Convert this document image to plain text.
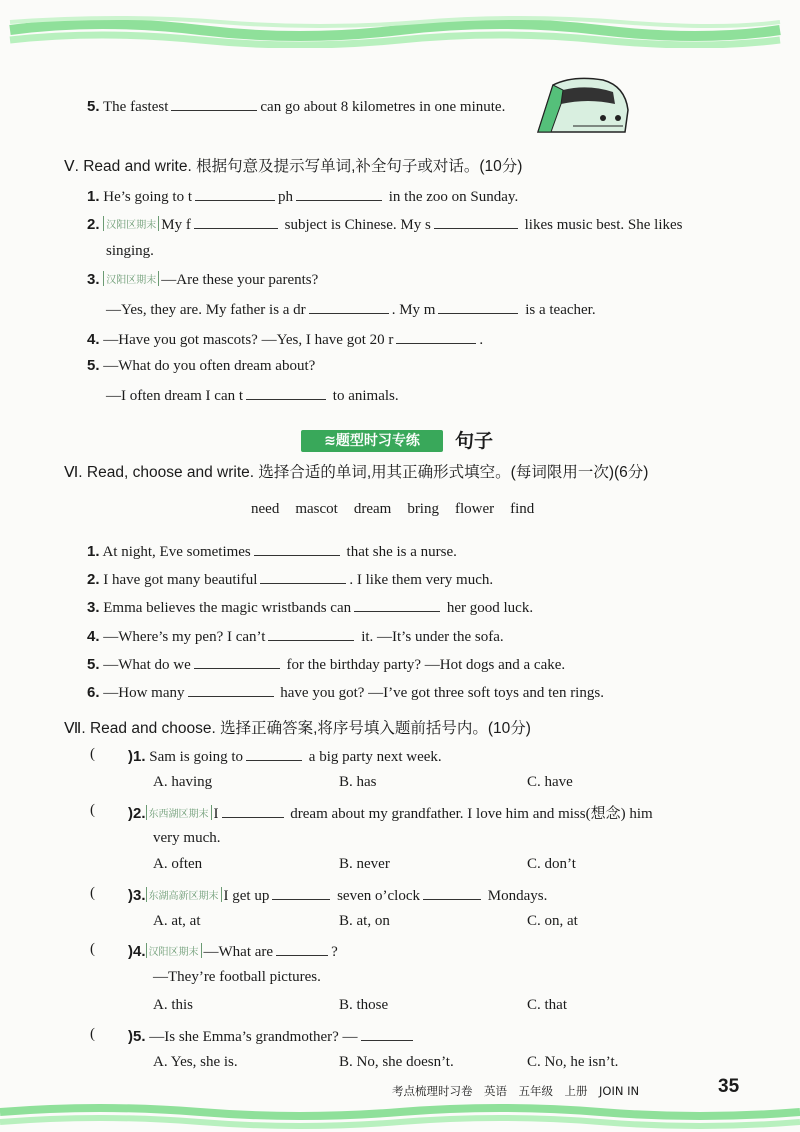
5. The fastest	can go about 8 kilometres in one minute.
Ⅴ. Read and write. 根据句意及提示写单词,补全句子或对话。(10分)
1. He’s going to t	ph	in the zoo on Sunday.
2. 汉阳区期末 My f	subject is Chinese. My s	likes music best. She likes
singing.
3. 汉阳区期末 —Are these your parents?
—Yes, they are. My father is a dr	. My m	is a teacher.
4. —Have you got mascots? —Yes, I have got 20 r	.
5. —What do you often dream about?
—I often dream I can t	to animals.
≋题型时习专练	句子
Ⅵ. Read, choose and write. 选择合适的单词,用其正确形式填空。(每词限用一次)(6分)
need mascot dream bring flower find
1. At night, Eve sometimes	that she is a nurse.
2. I have got many beautiful	. I like them very much.
3. Emma believes the magic wristbands can	her good luck.
4. —Where’s my pen? I can’t	it. —It’s under the sofa.
5. —What do we	for the birthday party? —Hot dogs and a cake.
6. —How many	have you got? —I’ve got three soft toys and ten rings.
Ⅶ. Read and choose. 选择正确答案,将序号填入题前括号内。(10分)
( )1. Sam is going to	a big party next week.
A. having	B. has	C. have
( )2. 东西湖区期末 I	dream about my grandfather. I love him and miss(想念) him
very much.
A. often	B. never	C. don’t
( )3. 东湖高新区期末 I get up	seven o’clock	Mondays.
A. at, at	B. at, on	C. on, at
( )4. 汉阳区期末 —What are	?
—They’re football pictures.
A. this	B. those	C. that
( )5. —Is she Emma’s grandmother? —
A. Yes, she is.	B. No, she doesn’t.	C. No, he isn’t.
考点梳理时习卷　英语　五年级　上册　JOIN IN	35
